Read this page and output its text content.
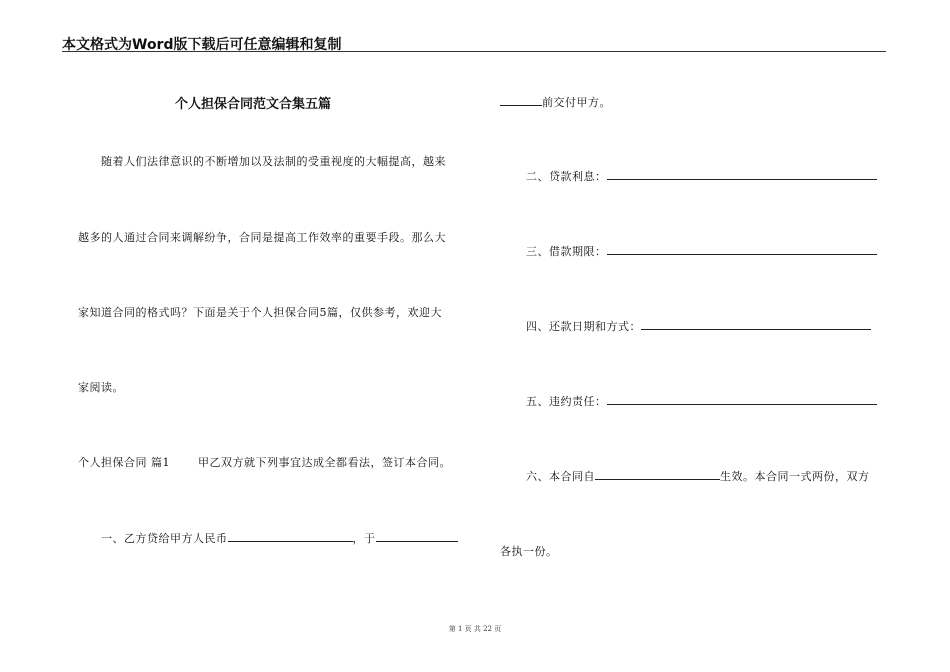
本文格式为Word版下载后可任意编辑和复制
个人担保合同范文合集五篇
随着人们法律意识的不断增加以及法制的受重视度的大幅提高，越来
越多的人通过合同来调解纷争，合同是提高工作效率的重要手段。那么大
家知道合同的格式吗？下面是关于个人担保合同5篇，仅供参考，欢迎大
家阅读。
个人担保合同 篇1	甲乙双方就下列事宜达成全都看法，签订本合同。
一、乙方贷给甲方人民币	，于
前交付甲方。
二、贷款利息：
三、借款期限：
四、还款日期和方式：
五、违约责任：
六、本合同自	生效。本合同一式两份，双方
各执一份。
第 1 页 共 22 页
